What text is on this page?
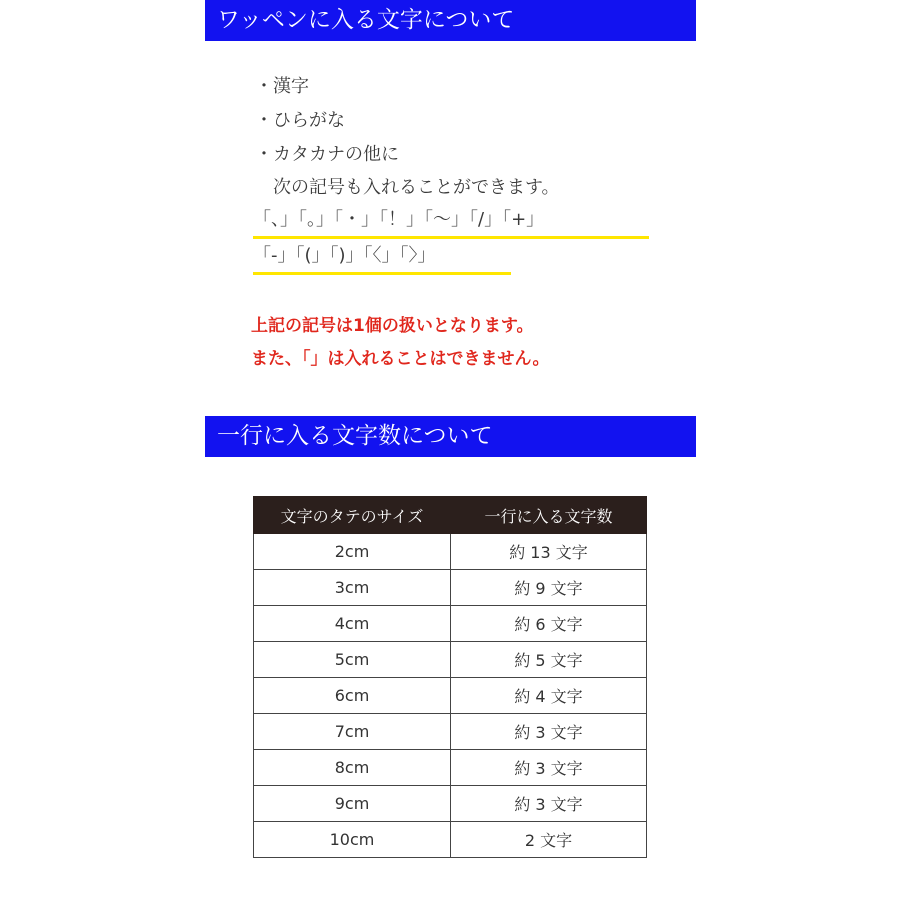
ワッペンに入る文字について
・漢字
・ひらがな
・カタカナの他に
次の記号も入れることができます。
「、」「。」「・」「！」「～」「/」「+」
「-」「(」「)」「〈」「〉」
上記の記号は1個の扱いとなります。
また、「」は入れることはできません。
一行に入る文字数について
文字のタテのサイズ	一行に入る文字数
2cm	約 13 文字
3cm	約 9 文字
4cm	約 6 文字
5cm	約 5 文字
6cm	約 4 文字
7cm	約 3 文字
8cm	約 3 文字
9cm	約 3 文字
10cm	2 文字
